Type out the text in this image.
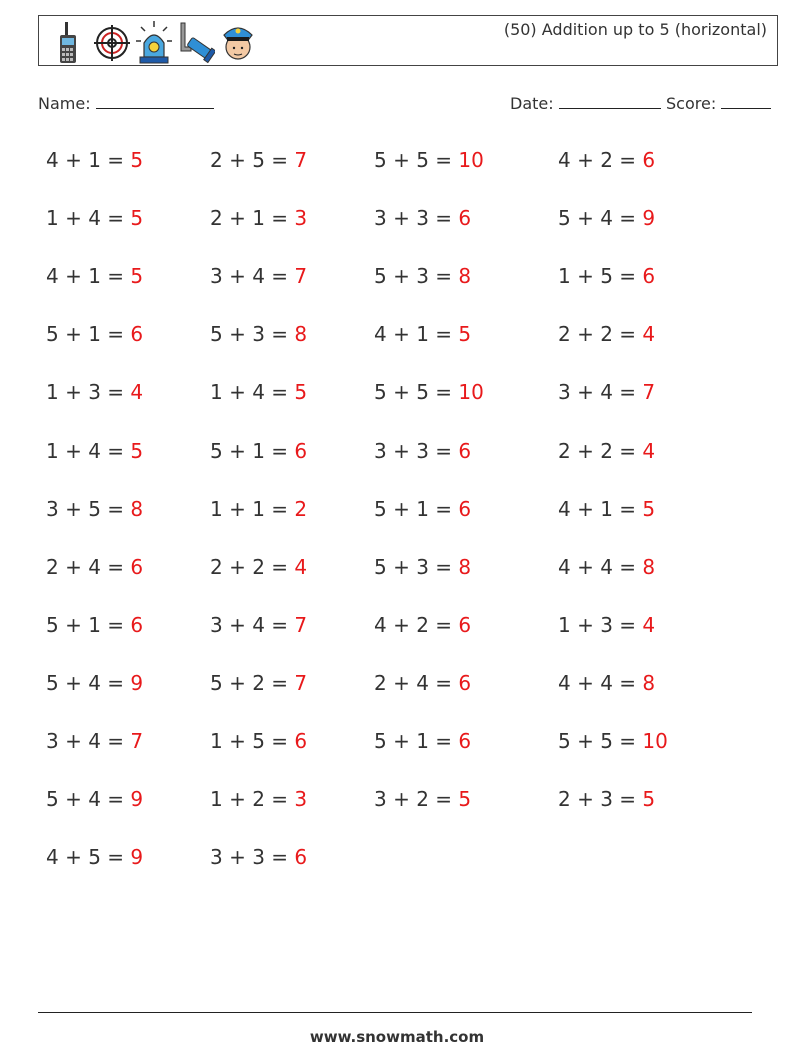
(50) Addition up to 5 (horizontal)
Name:	Date:	Score:
4 + 1 = 5	2 + 5 = 7	5 + 5 = 10	4 + 2 = 6
1 + 4 = 5	2 + 1 = 3	3 + 3 = 6	5 + 4 = 9
4 + 1 = 5	3 + 4 = 7	5 + 3 = 8	1 + 5 = 6
5 + 1 = 6	5 + 3 = 8	4 + 1 = 5	2 + 2 = 4
1 + 3 = 4	1 + 4 = 5	5 + 5 = 10	3 + 4 = 7
1 + 4 = 5	5 + 1 = 6	3 + 3 = 6	2 + 2 = 4
3 + 5 = 8	1 + 1 = 2	5 + 1 = 6	4 + 1 = 5
2 + 4 = 6	2 + 2 = 4	5 + 3 = 8	4 + 4 = 8
5 + 1 = 6	3 + 4 = 7	4 + 2 = 6	1 + 3 = 4
5 + 4 = 9	5 + 2 = 7	2 + 4 = 6	4 + 4 = 8
3 + 4 = 7	1 + 5 = 6	5 + 1 = 6	5 + 5 = 10
5 + 4 = 9	1 + 2 = 3	3 + 2 = 5	2 + 3 = 5
4 + 5 = 9	3 + 3 = 6
www.snowmath.com
